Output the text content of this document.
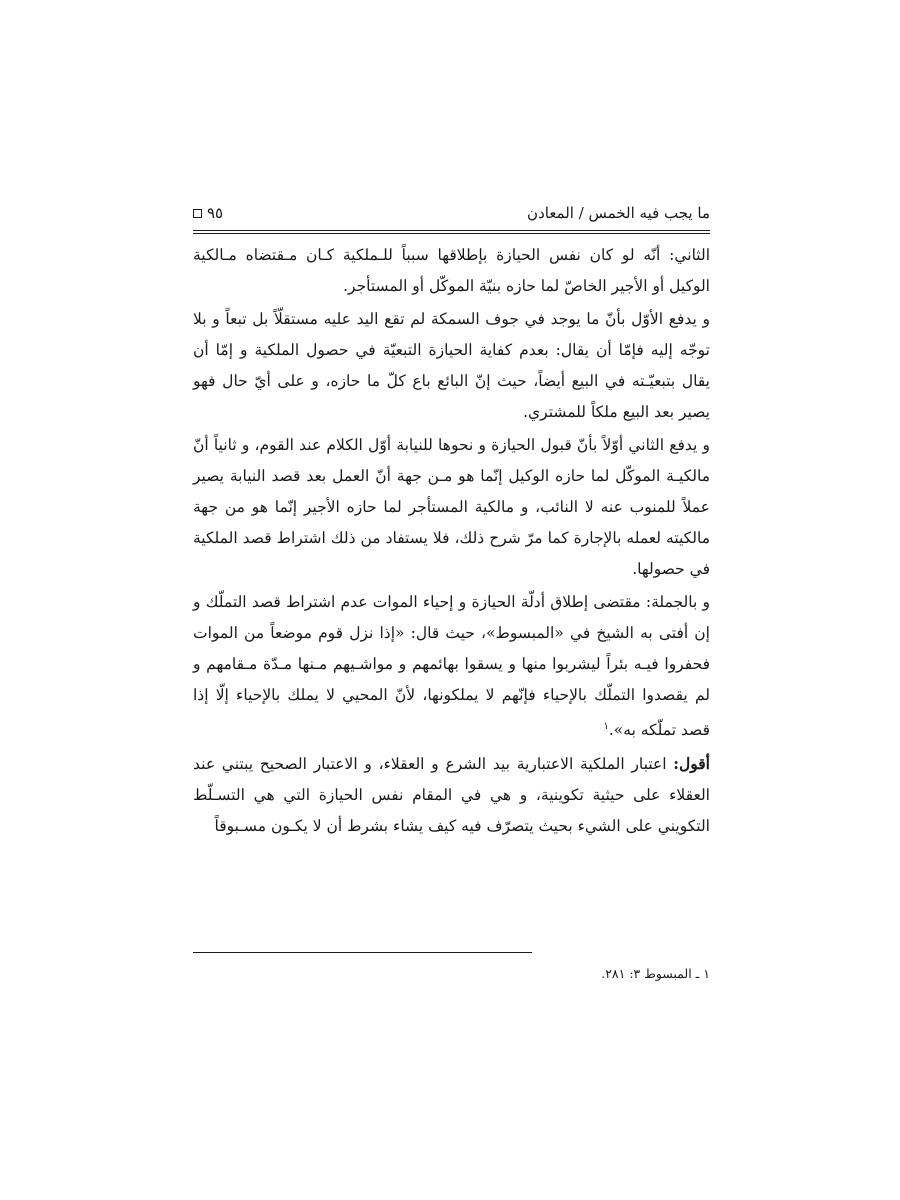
ما يجب فيه الخمس / المعادن
٩٥

الثاني: أنّه لو كان نفس الحيازة بإطلاقها سبباً للـملكية كـان مـقتضاه مـالكية الوكيل أو الأجير الخاصّ لما حازه بنيّة الموكّل أو المستأجر.

و يدفع الأوّل بأنّ ما يوجد في جوف السمكة لم تقع اليد عليه مستقلّاً بل تبعاً و بلا توجّه إليه فإمّا أن يقال: بعدم كفاية الحيازة التبعيّة في حصول الملكية و إمّا أن يقال بتبعيّـته في البيع أيضاً، حيث إنّ البائع باع كلّ ما حازه، و على أيّ حال فهو يصير بعد البيع ملكاً للمشتري.

و يدفع الثاني أوّلاً بأنّ قبول الحيازة و نحوها للنيابة أوّل الكلام عند القوم، و ثانياً أنّ مالكيـة الموكّل لما حازه الوكيل إنّما هو مـن جهة أنّ العمل بعد قصد النيابة يصير عملاً للمنوب عنه لا النائب، و مالكية المستأجر لما حازه الأجير إنّما هو من جهة مالكيته لعمله بالإجارة كما مرّ شرح ذلك، فلا يستفاد من ذلك اشتراط قصد الملكية في حصولها.

و بالجملة: مقتضى إطلاق أدلّة الحيازة و إحياء الموات عدم اشتراط قصد التملّك و إن أفتى به الشيخ في «المبسوط»، حيث قال: «إذا نزل قوم موضعاً من الموات فحفروا فيـه بئراً ليشربوا منها و يسقوا بهائمهم و مواشـيهم مـنها مـدّة مـقامهم و لم يقصدوا التملّك بالإحياء فإنّهم لا يملكونها، لأنّ المحيي لا يملك بالإحياء إلّا إذا قصد تملّكه به».$^١$

أقول: اعتبار الملكية الاعتبارية بيد الشرع و العقلاء، و الاعتبار الصحيح يبتني عند العقلاء على حيثية تكوينية، و هي في المقام نفس الحيازة التي هي التسـلّط التكويني على الشيء بحيث يتصرّف فيه كيف يشاء بشرط أن لا يكـون مسـبوقاً

١ ـ المبسوط ٣: ٢٨١.
